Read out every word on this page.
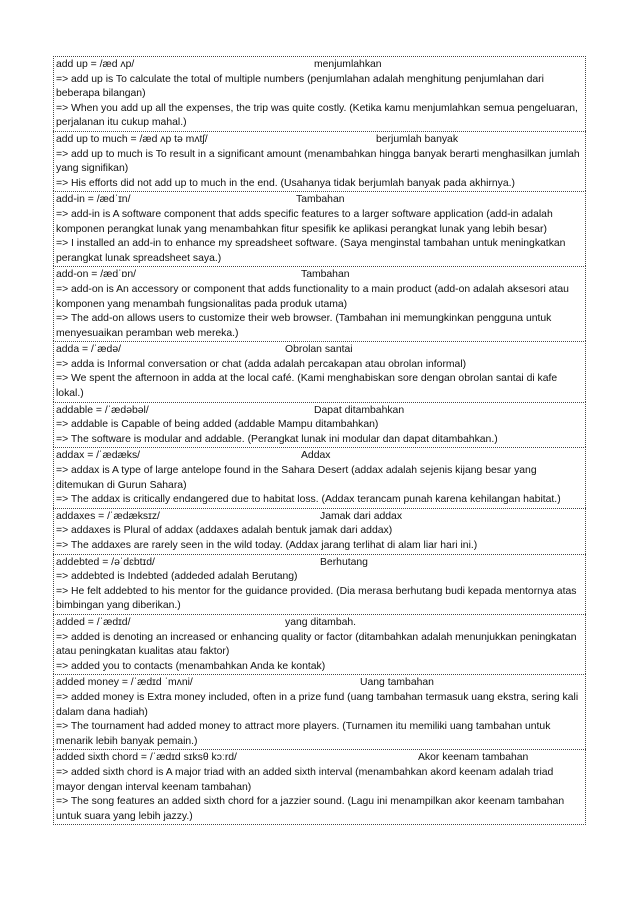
add up = /æd ʌp/	menjumlahkan
=> add up is To calculate the total of multiple numbers (penjumlahan adalah menghitung penjumlahan dari beberapa bilangan)
=> When you add up all the expenses, the trip was quite costly. (Ketika kamu menjumlahkan semua pengeluaran, perjalanan itu cukup mahal.)
add up to much = /æd ʌp tə mʌtʃ/	berjumlah banyak
=> add up to much is To result in a significant amount (menambahkan hingga banyak berarti menghasilkan jumlah yang signifikan)
=> His efforts did not add up to much in the end. (Usahanya tidak berjumlah banyak pada akhirnya.)
add-in = /ædˈɪn/	Tambahan
=> add-in is A software component that adds specific features to a larger software application (add-in adalah komponen perangkat lunak yang menambahkan fitur spesifik ke aplikasi perangkat lunak yang lebih besar)
=> I installed an add-in to enhance my spreadsheet software. (Saya menginstal tambahan untuk meningkatkan perangkat lunak spreadsheet saya.)
add-on = /ædˈɒn/	Tambahan
=> add-on is An accessory or component that adds functionality to a main product (add-on adalah aksesori atau komponen yang menambah fungsionalitas pada produk utama)
=> The add-on allows users to customize their web browser. (Tambahan ini memungkinkan pengguna untuk menyesuaikan peramban web mereka.)
adda = /ˈædə/	Obrolan santai
=> adda is Informal conversation or chat (adda adalah percakapan atau obrolan informal)
=> We spent the afternoon in adda at the local café. (Kami menghabiskan sore dengan obrolan santai di kafe lokal.)
addable = /ˈædəbəl/	Dapat ditambahkan
=> addable is Capable of being added (addable Mampu ditambahkan)
=> The software is modular and addable. (Perangkat lunak ini modular dan dapat ditambahkan.)
addax = /ˈædæks/	Addax
=> addax is A type of large antelope found in the Sahara Desert (addax adalah sejenis kijang besar yang ditemukan di Gurun Sahara)
=> The addax is critically endangered due to habitat loss. (Addax terancam punah karena kehilangan habitat.)
addaxes = /ˈædæksɪz/	Jamak dari addax
=> addaxes is Plural of addax (addaxes adalah bentuk jamak dari addax)
=> The addaxes are rarely seen in the wild today. (Addax jarang terlihat di alam liar hari ini.)
addebted = /əˈdɛbtɪd/	Berhutang
=> addebted is Indebted (addeded adalah Berutang)
=> He felt addebted to his mentor for the guidance provided. (Dia merasa berhutang budi kepada mentornya atas bimbingan yang diberikan.)
added = /ˈædɪd/	yang ditambah.
=> added is denoting an increased or enhancing quality or factor (ditambahkan adalah menunjukkan peningkatan atau peningkatan kualitas atau faktor)
=> added you to contacts (menambahkan Anda ke kontak)
added money = /ˈædɪd ˈmʌni/	Uang tambahan
=> added money is Extra money included, often in a prize fund (uang tambahan termasuk uang ekstra, sering kali dalam dana hadiah)
=> The tournament had added money to attract more players. (Turnamen itu memiliki uang tambahan untuk menarik lebih banyak pemain.)
added sixth chord = /ˈædɪd sɪksθ kɔːrd/	Akor keenam tambahan
=> added sixth chord is A major triad with an added sixth interval (menambahkan akord keenam adalah triad mayor dengan interval keenam tambahan)
=> The song features an added sixth chord for a jazzier sound. (Lagu ini menampilkan akor keenam tambahan untuk suara yang lebih jazzy.)
